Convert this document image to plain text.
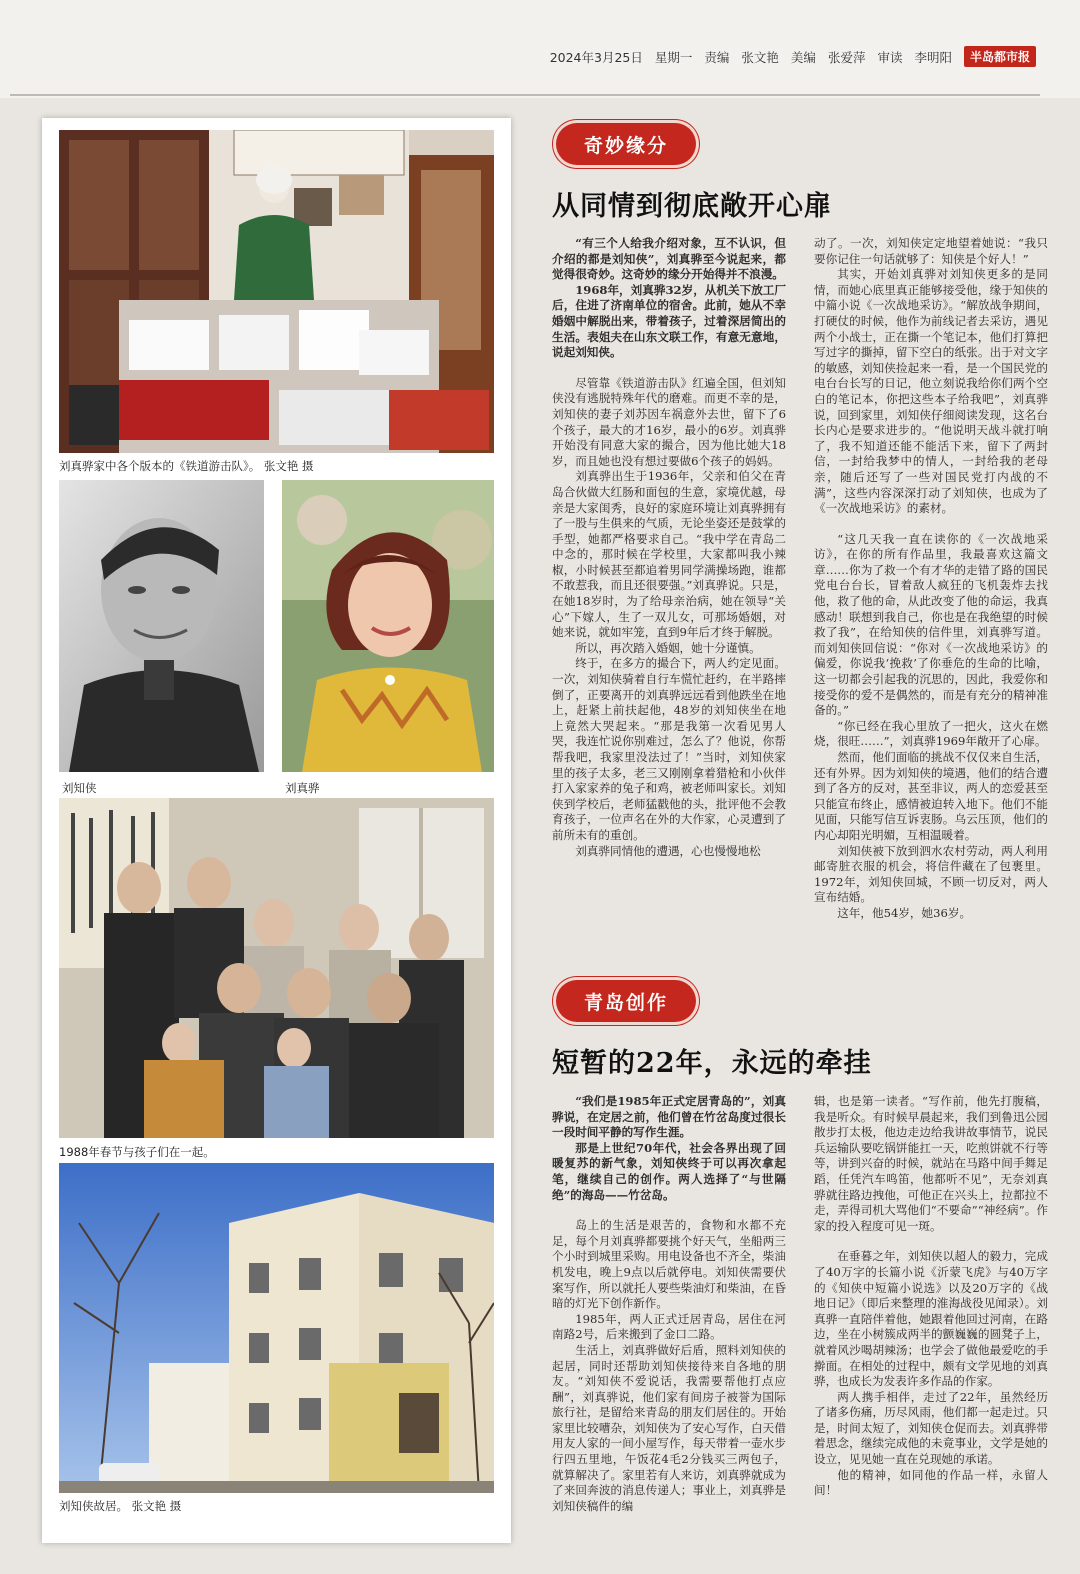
2024年3月25日 星期一 责编 张文艳 美编 张爱萍 审读 李明阳	半岛都市报
刘真骅家中各个版本的《铁道游击队》。 张文艳 摄
刘知侠	刘真骅
1988年春节与孩子们在一起。
刘知侠故居。 张文艳 摄
奇妙缘分
从同情到彻底敞开心扉

“有三个人给我介绍对象，互不认识，但介绍的都是刘知侠”，刘真骅至今说起来，都觉得很奇妙。这奇妙的缘分开始得并不浪漫。

1968年，刘真骅32岁，从机关下放工厂后，住进了济南单位的宿舍。此前，她从不幸婚姻中解脱出来，带着孩子，过着深居简出的生活。表姐夫在山东文联工作，有意无意地，说起刘知侠。

尽管靠《铁道游击队》红遍全国，但刘知侠没有逃脱特殊年代的磨难。而更不幸的是，刘知侠的妻子刘苏因车祸意外去世，留下了6个孩子，最大的才16岁，最小的6岁。刘真骅开始没有同意大家的撮合，因为他比她大18岁，而且她也没有想过要做6个孩子的妈妈。

刘真骅出生于1936年，父亲和伯父在青岛合伙做大红肠和面包的生意，家境优越，母亲是大家闺秀，良好的家庭环境让刘真骅拥有了一股与生俱来的气质，无论坐姿还是鼓掌的手型，她都严格要求自己。“我中学在青岛二中念的，那时候在学校里，大家都叫我小辣椒，小时候甚至都追着男同学满操场跑，谁都不敢惹我，而且还很要强。”刘真骅说。只是，在她18岁时，为了给母亲治病，她在领导“关心”下嫁人，生了一双儿女，可那场婚姻，对她来说，就如牢笼，直到9年后才终于解脱。

所以，再次踏入婚姻，她十分谨慎。

终于，在多方的撮合下，两人约定见面。一次，刘知侠骑着自行车慌忙赶约，在半路摔倒了，正要离开的刘真骅远远看到他跌坐在地上，赶紧上前扶起他，48岁的刘知侠坐在地上竟然大哭起来。“那是我第一次看见男人哭，我连忙说你别难过，怎么了？他说，你帮帮我吧，我家里没法过了！”当时，刘知侠家里的孩子太多，老三又刚刚拿着猎枪和小伙伴打入家家养的兔子和鸡，被老师叫家长。刘知侠到学校后，老师猛戳他的头，批评他不会教育孩子，一位声名在外的大作家，心灵遭到了前所未有的重创。

刘真骅同情他的遭遇，心也慢慢地松

动了。一次，刘知侠定定地望着她说：“我只要你记住一句话就够了：知侠是个好人！”

其实，开始刘真骅对刘知侠更多的是同情，而她心底里真正能够接受他，缘于知侠的中篇小说《一次战地采访》。“解放战争期间，打硬仗的时候，他作为前线记者去采访，遇见两个小战士，正在撕一个笔记本，他们打算把写过字的撕掉，留下空白的纸张。出于对文字的敏感，刘知侠捡起来一看，是一个国民党的电台台长写的日记，他立刻说我给你们两个空白的笔记本，你把这些本子给我吧”，刘真骅说，回到家里，刘知侠仔细阅读发现，这名台长内心是要求进步的。“他说明天战斗就打响了，我不知道还能不能活下来，留下了两封信，一封给我梦中的情人，一封给我的老母亲，随后还写了一些对国民党打内战的不满”，这些内容深深打动了刘知侠，也成为了《一次战地采访》的素材。

“这几天我一直在读你的《一次战地采访》，在你的所有作品里，我最喜欢这篇文章……你为了救一个有才华的走错了路的国民党电台台长，冒着敌人疯狂的飞机轰炸去找他，救了他的命，从此改变了他的命运，我真感动！联想到我自己，你也是在我绝望的时候救了我”，在给知侠的信件里，刘真骅写道。而刘知侠回信说：“你对《一次战地采访》的偏爱，你说我‘挽救’了你垂危的生命的比喻，这一切都会引起我的沉思的，因此，我爱你和接受你的爱不是偶然的，而是有充分的精神准备的。”

“你已经在我心里放了一把火，这火在燃烧，很旺……”，刘真骅1969年敞开了心扉。

然而，他们面临的挑战不仅仅来自生活，还有外界。因为刘知侠的境遇，他们的结合遭到了各方的反对，甚至非议，两人的恋爱甚至只能宣布终止，感情被迫转入地下。他们不能见面，只能写信互诉衷肠。乌云压顶，他们的内心却阳光明媚，互相温暖着。

刘知侠被下放到泗水农村劳动，两人利用邮寄脏衣服的机会，将信件藏在了包裹里。1972年，刘知侠回城，不顾一切反对，两人宣布结婚。

这年，他54岁，她36岁。

青岛创作
短暂的22年，永远的牵挂

“我们是1985年正式定居青岛的”，刘真骅说，在定居之前，他们曾在竹岔岛度过很长一段时间平静的写作生涯。

那是上世纪70年代，社会各界出现了回暖复苏的新气象，刘知侠终于可以再次拿起笔，继续自己的创作。两人选择了“与世隔绝”的海岛——竹岔岛。

岛上的生活是艰苦的，食物和水都不充足，每个月刘真骅都要挑个好天气，坐船两三个小时到城里采购。用电设备也不齐全，柴油机发电，晚上9点以后就停电。刘知侠需要伏案写作，所以就托人要些柴油灯和柴油，在昏暗的灯光下创作新作。

1985年，两人正式迁居青岛，居住在河南路2号，后来搬到了金口二路。

生活上，刘真骅做好后盾，照料刘知侠的起居，同时还帮助刘知侠接待来自各地的朋友。“刘知侠不爱说话，我需要帮他打点应酬”，刘真骅说，他们家有间房子被誉为国际旅行社，是留给来青岛的朋友们居住的。开始家里比较嘈杂，刘知侠为了安心写作，白天借用友人家的一间小屋写作，每天带着一壶水步行四五里地，午饭花4毛2分钱买三两包子，就算解决了。家里若有人来访，刘真骅就成为了来回奔波的消息传递人；事业上，刘真骅是刘知侠稿件的编

辑，也是第一读者。“写作前，他先打腹稿，我是听众。有时候早晨起来，我们到鲁迅公园散步打太极，他边走边给我讲故事情节，说民兵运输队要吃锅饼能扛一天，吃煎饼就不行等等，讲到兴奋的时候，就站在马路中间手舞足蹈，任凭汽车鸣笛，他都听不见”，无奈刘真骅就往路边拽他，可他正在兴头上，拉都拉不走，弄得司机大骂他们“不要命”“神经病”。作家的投入程度可见一斑。

在垂暮之年，刘知侠以超人的毅力，完成了40万字的长篇小说《沂蒙飞虎》与40万字的《知侠中短篇小说选》以及20万字的《战地日记》（即后来整理的淮海战役见闻录）。刘真骅一直陪伴着他，她跟着他回过河南，在路边，坐在小树簇成两半的颤巍巍的圆凳子上，就着风沙喝胡辣汤；也学会了做他最爱吃的手擀面。在相处的过程中，颇有文学见地的刘真骅，也成长为发表许多作品的作家。

两人携手相伴，走过了22年，虽然经历了诸多伤痛，历尽风雨，他们都一起走过。只是，时间太短了，刘知侠仓促而去。刘真骅带着思念，继续完成他的未竟事业，文学是她的设立，见见她一直在兑现她的承诺。

他的精神，如同他的作品一样，永留人间！
